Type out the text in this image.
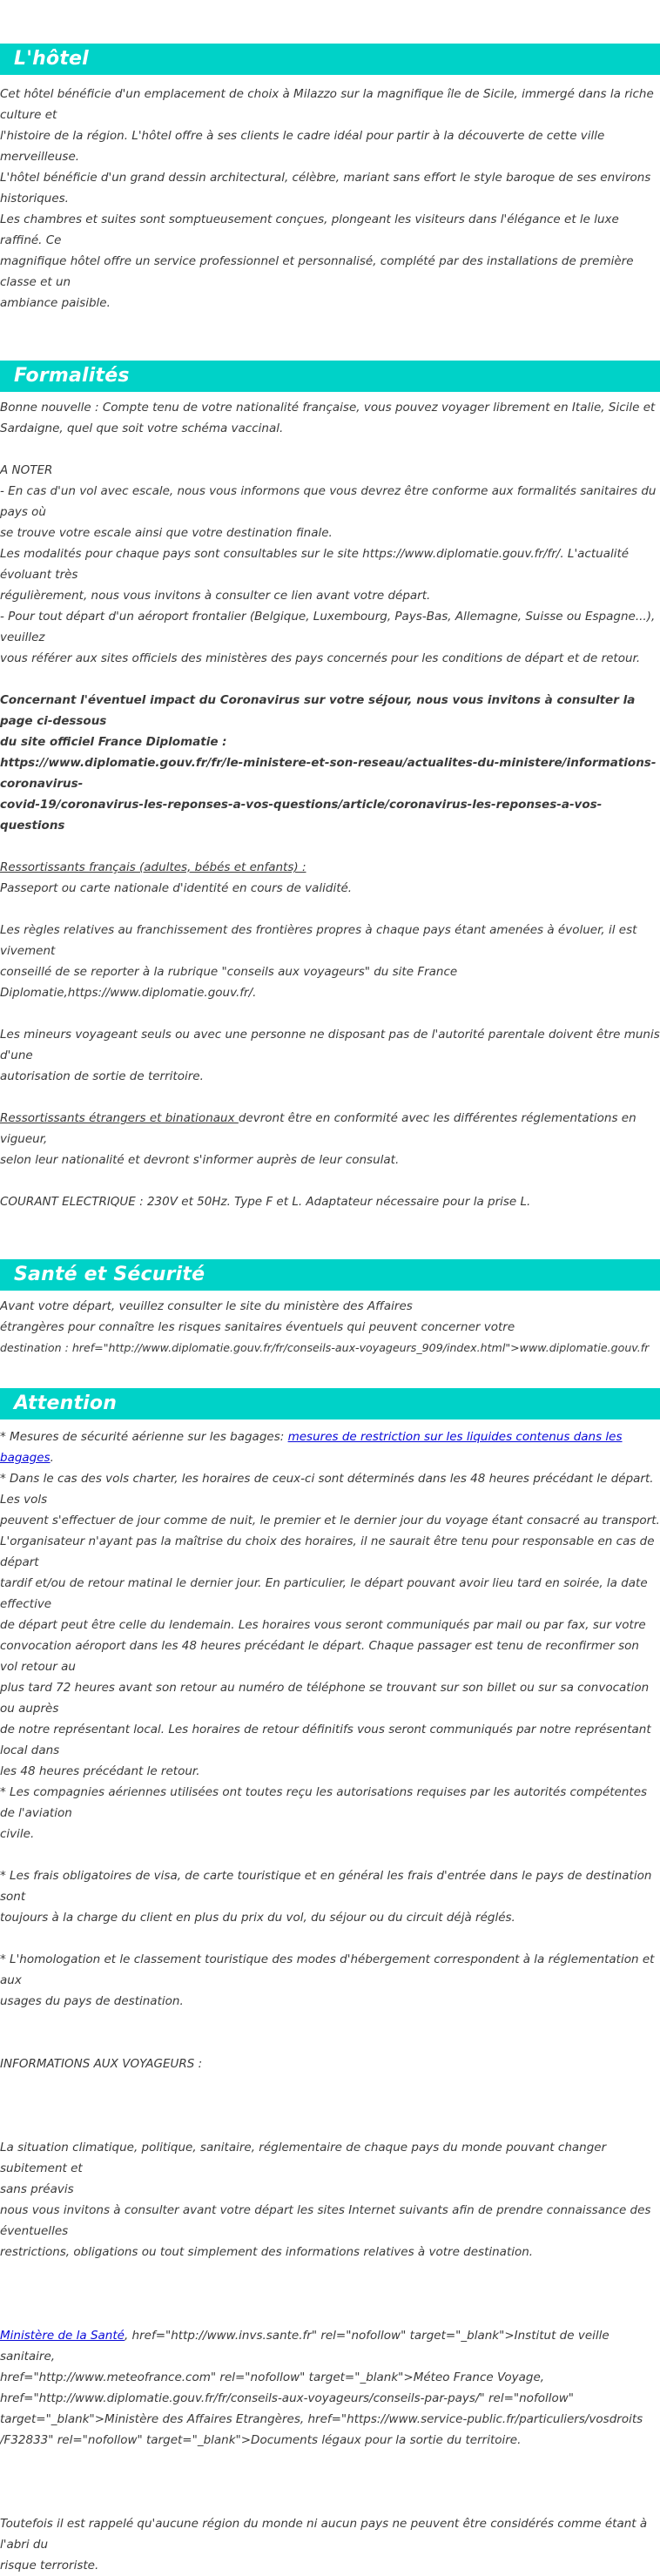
L'hôtel

Cet hôtel bénéficie d'un emplacement de choix à Milazzo sur la magnifique île de Sicile, immergé dans la riche culture et

l'histoire de la région. L'hôtel offre à ses clients le cadre idéal pour partir à la découverte de cette ville merveilleuse.

L'hôtel bénéficie d'un grand dessin architectural, célèbre, mariant sans effort le style baroque de ses environs historiques.

Les chambres et suites sont somptueusement conçues, plongeant les visiteurs dans l'élégance et le luxe raffiné. Ce

magnifique hôtel offre un service professionnel et personnalisé, complété par des installations de première classe et un

ambiance paisible.

Formalités

Bonne nouvelle : Compte tenu de votre nationalité française, vous pouvez voyager librement en Italie, Sicile et

Sardaigne, quel que soit votre schéma vaccinal.

A NOTER

- En cas d'un vol avec escale, nous vous informons que vous devrez être conforme aux formalités sanitaires du pays où

se trouve votre escale ainsi que votre destination finale.

Les modalités pour chaque pays sont consultables sur le site https://www.diplomatie.gouv.fr/fr/. L'actualité évoluant très

régulièrement, nous vous invitons à consulter ce lien avant votre départ.

- Pour tout départ d'un aéroport frontalier (Belgique, Luxembourg, Pays-Bas, Allemagne, Suisse ou Espagne...), veuillez

vous référer aux sites officiels des ministères des pays concernés pour les conditions de départ et de retour.

Concernant l'éventuel impact du Coronavirus sur votre séjour, nous vous invitons à consulter la page ci-dessous

du site officiel France Diplomatie :

https://www.diplomatie.gouv.fr/fr/le-ministere-et-son-reseau/actualites-du-ministere/informations-coronavirus-

covid-19/coronavirus-les-reponses-a-vos-questions/article/coronavirus-les-reponses-a-vos-questions

Ressortissants français (adultes, bébés et enfants) :

Passeport ou carte nationale d'identité en cours de validité.

Les règles relatives au franchissement des frontières propres à chaque pays étant amenées à évoluer, il est vivement

conseillé de se reporter à la rubrique "conseils aux voyageurs" du site France

Diplomatie,https://www.diplomatie.gouv.fr/.

Les mineurs voyageant seuls ou avec une personne ne disposant pas de l'autorité parentale doivent être munis d'une

autorisation de sortie de territoire.

Ressortissants étrangers et binationaux devront être en conformité avec les différentes réglementations en vigueur,

selon leur nationalité et devront s'informer auprès de leur consulat.

COURANT ELECTRIQUE : 230V et 50Hz. Type F et L. Adaptateur nécessaire pour la prise L.

Santé et Sécurité

Avant votre départ, veuillez consulter le site du ministère des Affaires

étrangères pour connaître les risques sanitaires éventuels qui peuvent concerner votre

destination : href="http://www.diplomatie.gouv.fr/fr/conseils-aux-voyageurs_909/index.html">www.diplomatie.gouv.fr

Attention

* Mesures de sécurité aérienne sur les bagages: mesures de restriction sur les liquides contenus dans les bagages.

* Dans le cas des vols charter, les horaires de ceux-ci sont déterminés dans les 48 heures précédant le départ. Les vols

peuvent s'effectuer de jour comme de nuit, le premier et le dernier jour du voyage étant consacré au transport.

L'organisateur n'ayant pas la maîtrise du choix des horaires, il ne saurait être tenu pour responsable en cas de départ

tardif et/ou de retour matinal le dernier jour. En particulier, le départ pouvant avoir lieu tard en soirée, la date effective

de départ peut être celle du lendemain. Les horaires vous seront communiqués par mail ou par fax, sur votre

convocation aéroport dans les 48 heures précédant le départ. Chaque passager est tenu de reconfirmer son vol retour au

plus tard 72 heures avant son retour au numéro de téléphone se trouvant sur son billet ou sur sa convocation ou auprès

de notre représentant local. Les horaires de retour définitifs vous seront communiqués par notre représentant local dans

les 48 heures précédant le retour.

* Les compagnies aériennes utilisées ont toutes reçu les autorisations requises par les autorités compétentes de l'aviation

civile.

* Les frais obligatoires de visa, de carte touristique et en général les frais d'entrée dans le pays de destination sont

toujours à la charge du client en plus du prix du vol, du séjour ou du circuit déjà réglés.

* L'homologation et le classement touristique des modes d'hébergement correspondent à la réglementation et aux

usages du pays de destination.

INFORMATIONS AUX VOYAGEURS :

La situation climatique, politique, sanitaire, réglementaire de chaque pays du monde pouvant changer subitement et

sans préavis

nous vous invitons à consulter avant votre départ les sites Internet suivants afin de prendre connaissance des éventuelles

restrictions, obligations ou tout simplement des informations relatives à votre destination.

Ministère de la Santé, href="http://www.invs.sante.fr" rel="nofollow" target="_blank">Institut de veille sanitaire,

href="http://www.meteofrance.com" rel="nofollow" target="_blank">Méteo France Voyage,

href="http://www.diplomatie.gouv.fr/fr/conseils-aux-voyageurs/conseils-par-pays/" rel="nofollow"

target="_blank">Ministère des Affaires Etrangères, href="https://www.service-public.fr/particuliers/vosdroits

/F32833" rel="nofollow" target="_blank">Documents légaux pour la sortie du territoire.

Toutefois il est rappelé qu'aucune région du monde ni aucun pays ne peuvent être considérés comme étant à l'abri du

risque terroriste.
